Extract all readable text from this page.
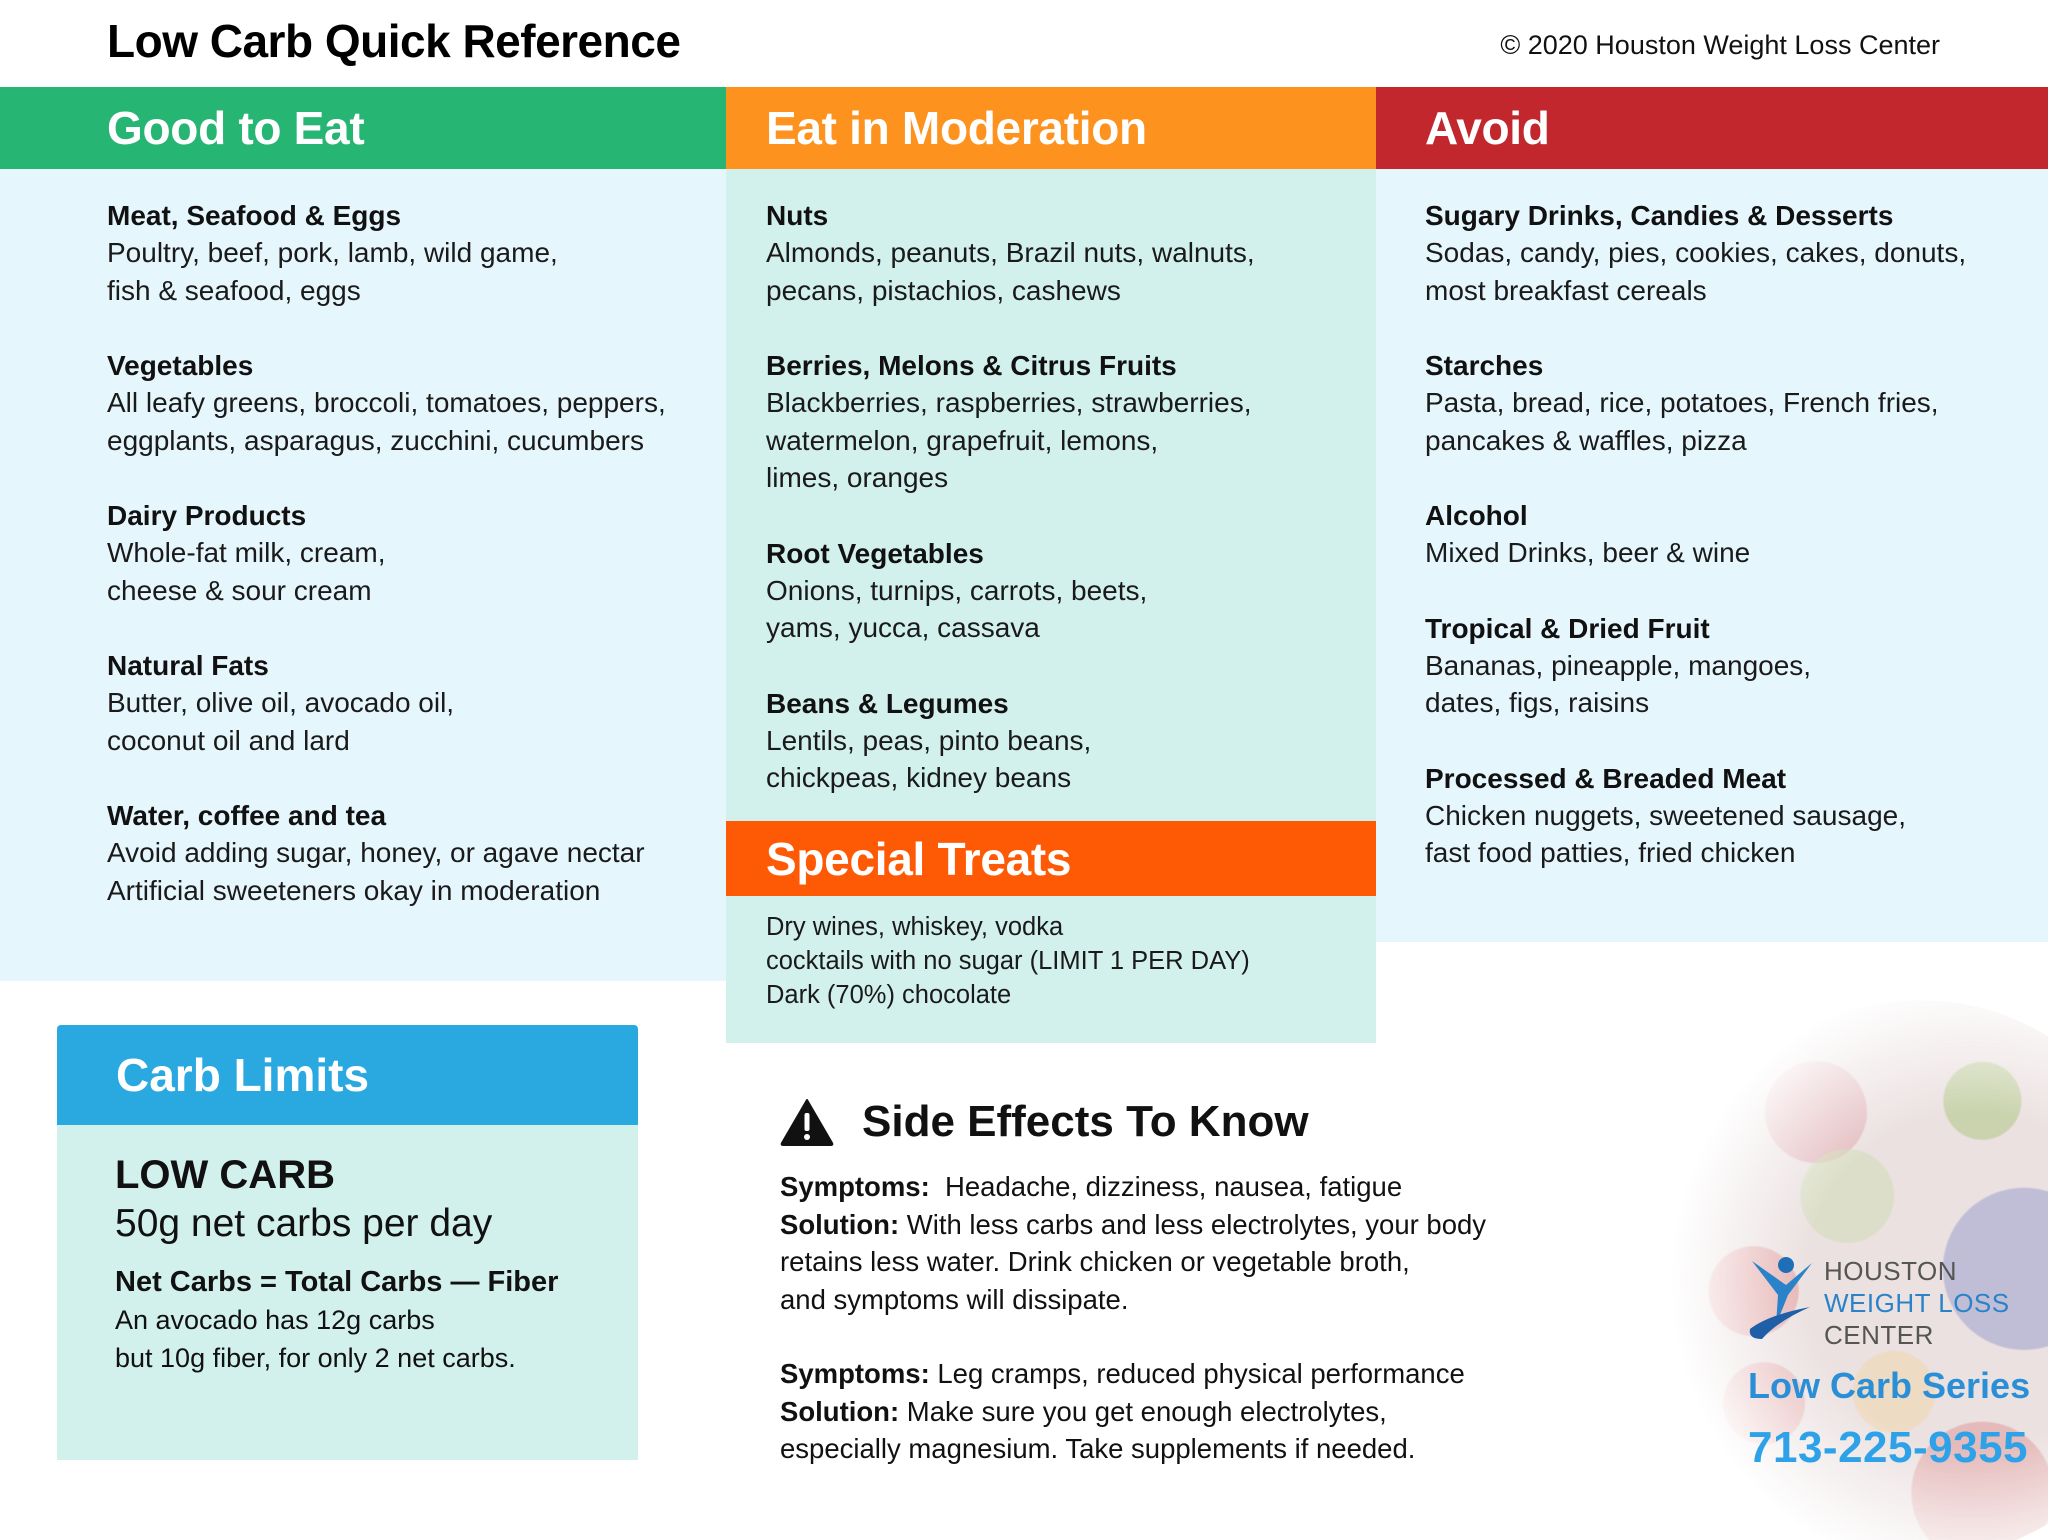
Low Carb Quick Reference	© 2020 Houston Weight Loss Center
Good to Eat
Meat, Seafood & Eggs
Poultry, beef, pork, lamb, wild game,
fish & seafood, eggs
Vegetables
All leafy greens, broccoli, tomatoes, peppers,
eggplants, asparagus, zucchini, cucumbers
Dairy Products
Whole-fat milk, cream,
cheese & sour cream
Natural Fats
Butter, olive oil, avocado oil,
coconut oil and lard
Water, coffee and tea
Avoid adding sugar, honey, or agave nectar
Artificial sweeteners okay in moderation
Eat in Moderation
Nuts
Almonds, peanuts, Brazil nuts, walnuts,
pecans, pistachios, cashews
Berries, Melons & Citrus Fruits
Blackberries, raspberries, strawberries,
watermelon, grapefruit, lemons,
limes, oranges
Root Vegetables
Onions, turnips, carrots, beets,
yams, yucca, cassava
Beans & Legumes
Lentils, peas, pinto beans,
chickpeas, kidney beans
Avoid
Sugary Drinks, Candies & Desserts
Sodas, candy, pies, cookies, cakes, donuts,
most breakfast cereals
Starches
Pasta, bread, rice, potatoes, French fries,
pancakes & waffles, pizza
Alcohol
Mixed Drinks, beer & wine
Tropical & Dried Fruit
Bananas, pineapple, mangoes,
dates, figs, raisins
Processed & Breaded Meat
Chicken nuggets, sweetened sausage,
fast food patties, fried chicken
Special Treats
Dry wines, whiskey, vodka
cocktails with no sugar (LIMIT 1 PER DAY)
Dark (70%) chocolate
Carb Limits
LOW CARB
50g net carbs per day
Net Carbs = Total Carbs — Fiber
An avocado has 12g carbs
but 10g fiber, for only 2 net carbs.
Side Effects To Know
Symptoms: Headache, dizziness, nausea, fatigue
Solution: With less carbs and less electrolytes, your body
retains less water. Drink chicken or vegetable broth,
and symptoms will dissipate.
Symptoms: Leg cramps, reduced physical performance
Solution: Make sure you get enough electrolytes,
especially magnesium. Take supplements if needed.
HOUSTON
WEIGHT LOSS
CENTER
Low Carb Series
713-225-9355
